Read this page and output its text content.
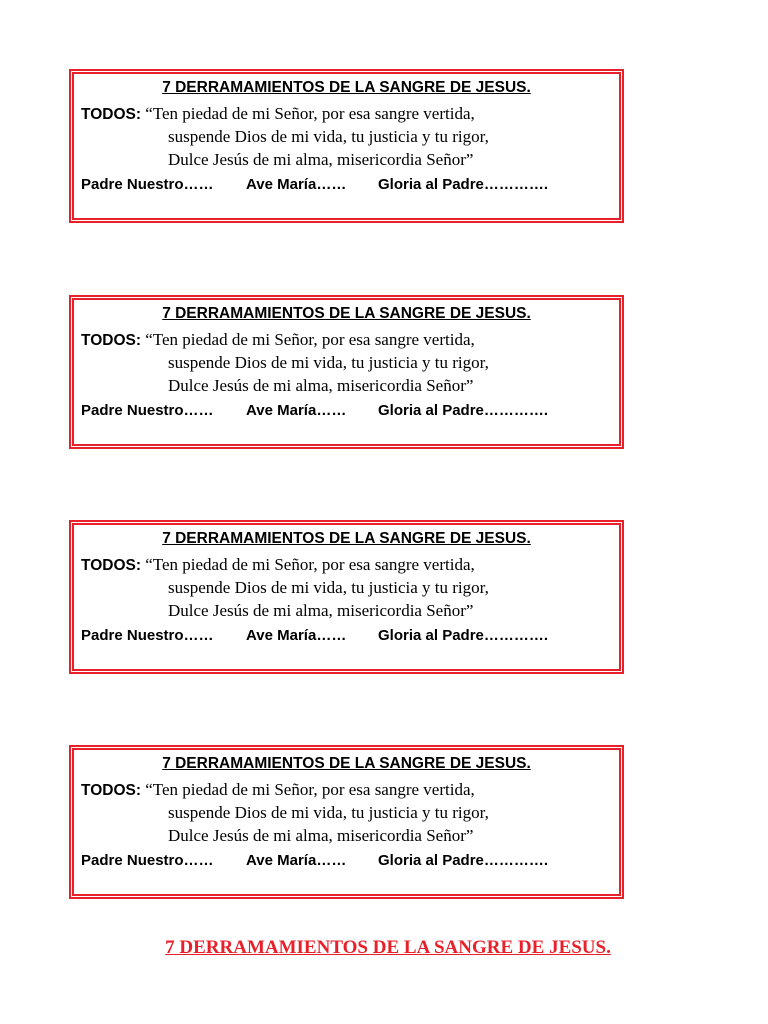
7 DERRAMAMIENTOS DE LA SANGRE DE JESUS.
TODOS: “Ten piedad de mi Señor, por esa sangre vertida,
suspende Dios de mi vida, tu justicia y tu rigor,
Dulce Jesús de mi alma, misericordia Señor”
Padre Nuestro…… Ave María…… Gloria al Padre………….
7 DERRAMAMIENTOS DE LA SANGRE DE JESUS.
TODOS: “Ten piedad de mi Señor, por esa sangre vertida,
suspende Dios de mi vida, tu justicia y tu rigor,
Dulce Jesús de mi alma, misericordia Señor”
Padre Nuestro…… Ave María…… Gloria al Padre………….
7 DERRAMAMIENTOS DE LA SANGRE DE JESUS.
TODOS: “Ten piedad de mi Señor, por esa sangre vertida,
suspende Dios de mi vida, tu justicia y tu rigor,
Dulce Jesús de mi alma, misericordia Señor”
Padre Nuestro…… Ave María…… Gloria al Padre………….
7 DERRAMAMIENTOS DE LA SANGRE DE JESUS.
TODOS: “Ten piedad de mi Señor, por esa sangre vertida,
suspende Dios de mi vida, tu justicia y tu rigor,
Dulce Jesús de mi alma, misericordia Señor”
Padre Nuestro…… Ave María…… Gloria al Padre………….
7 DERRAMAMIENTOS DE LA SANGRE DE JESUS.
